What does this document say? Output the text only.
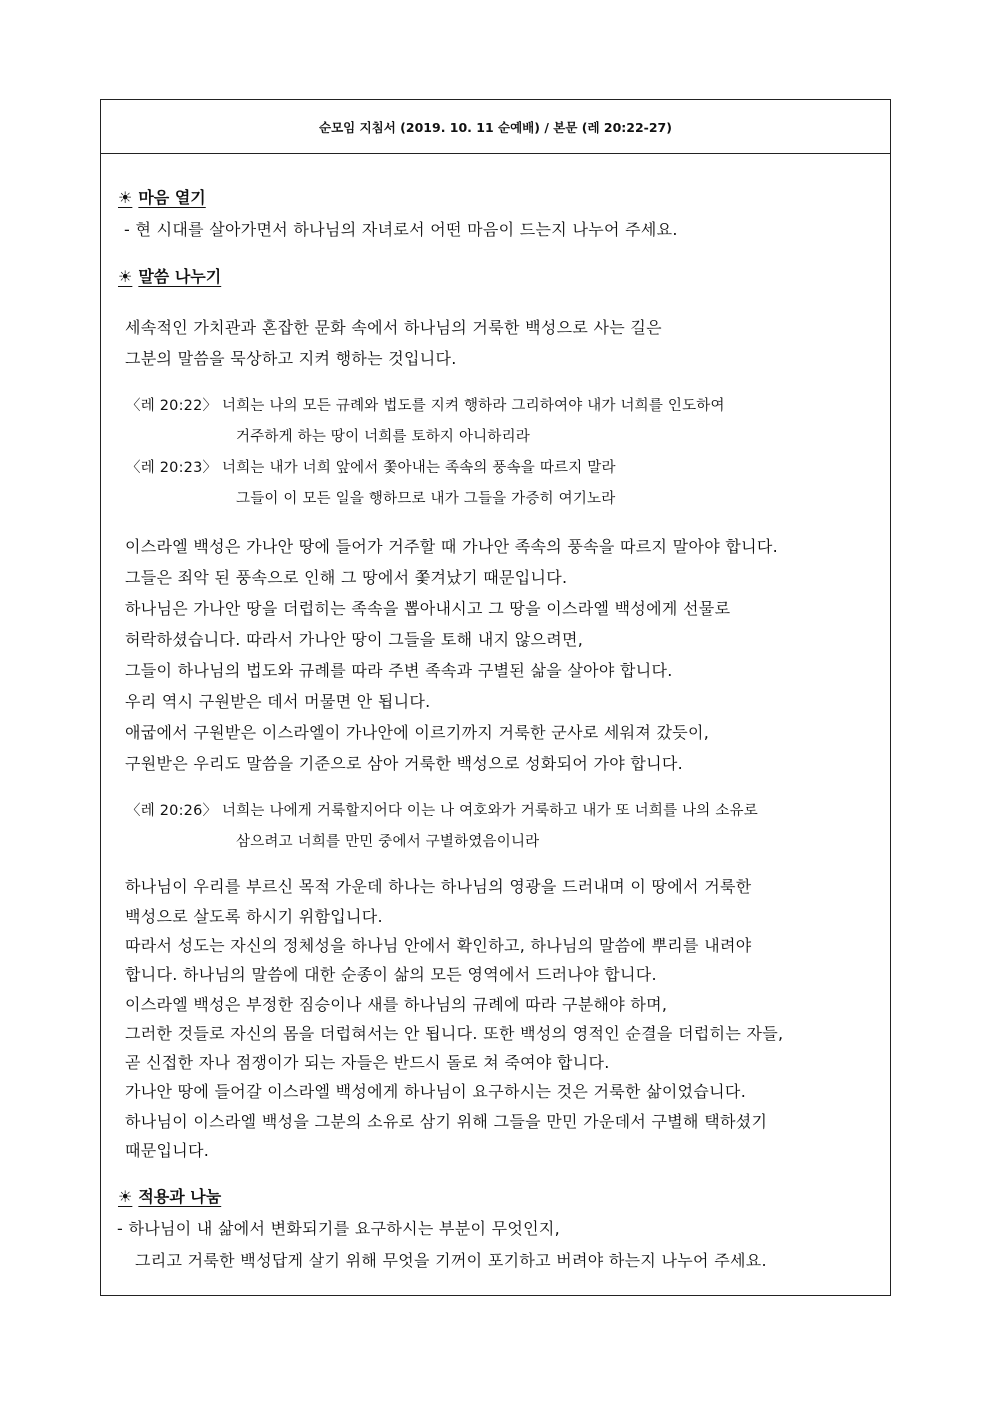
순모임 지침서 (2019. 10. 11 순예배) / 본문 (레 20:22-27)
☀ 마음 열기
- 현 시대를 살아가면서 하나님의 자녀로서 어떤 마음이 드는지 나누어 주세요.
☀ 말씀 나누기
세속적인 가치관과 혼잡한 문화 속에서 하나님의 거룩한 백성으로 사는 길은
그분의 말씀을 묵상하고 지켜 행하는 것입니다.
〈레 20:22〉 너희는 나의 모든 규례와 법도를 지켜 행하라 그리하여야 내가 너희를 인도하여
거주하게 하는 땅이 너희를 토하지 아니하리라
〈레 20:23〉 너희는 내가 너희 앞에서 쫓아내는 족속의 풍속을 따르지 말라
그들이 이 모든 일을 행하므로 내가 그들을 가증히 여기노라
이스라엘 백성은 가나안 땅에 들어가 거주할 때 가나안 족속의 풍속을 따르지 말아야 합니다.
그들은 죄악 된 풍속으로 인해 그 땅에서 쫓겨났기 때문입니다.
하나님은 가나안 땅을 더럽히는 족속을 뽑아내시고 그 땅을 이스라엘 백성에게 선물로
허락하셨습니다. 따라서 가나안 땅이 그들을 토해 내지 않으려면,
그들이 하나님의 법도와 규례를 따라 주변 족속과 구별된 삶을 살아야 합니다.
우리 역시 구원받은 데서 머물면 안 됩니다.
애굽에서 구원받은 이스라엘이 가나안에 이르기까지 거룩한 군사로 세워져 갔듯이,
구원받은 우리도 말씀을 기준으로 삼아 거룩한 백성으로 성화되어 가야 합니다.
〈레 20:26〉 너희는 나에게 거룩할지어다 이는 나 여호와가 거룩하고 내가 또 너희를 나의 소유로
삼으려고 너희를 만민 중에서 구별하였음이니라
하나님이 우리를 부르신 목적 가운데 하나는 하나님의 영광을 드러내며 이 땅에서 거룩한
백성으로 살도록 하시기 위함입니다.
따라서 성도는 자신의 정체성을 하나님 안에서 확인하고, 하나님의 말씀에 뿌리를 내려야
합니다. 하나님의 말씀에 대한 순종이 삶의 모든 영역에서 드러나야 합니다.
이스라엘 백성은 부정한 짐승이나 새를 하나님의 규례에 따라 구분해야 하며,
그러한 것들로 자신의 몸을 더럽혀서는 안 됩니다. 또한 백성의 영적인 순결을 더럽히는 자들,
곧 신접한 자나 점쟁이가 되는 자들은 반드시 돌로 쳐 죽여야 합니다.
가나안 땅에 들어갈 이스라엘 백성에게 하나님이 요구하시는 것은 거룩한 삶이었습니다.
하나님이 이스라엘 백성을 그분의 소유로 삼기 위해 그들을 만민 가운데서 구별해 택하셨기
때문입니다.
☀ 적용과 나눔
- 하나님이 내 삶에서 변화되기를 요구하시는 부분이 무엇인지,
그리고 거룩한 백성답게 살기 위해 무엇을 기꺼이 포기하고 버려야 하는지 나누어 주세요.
